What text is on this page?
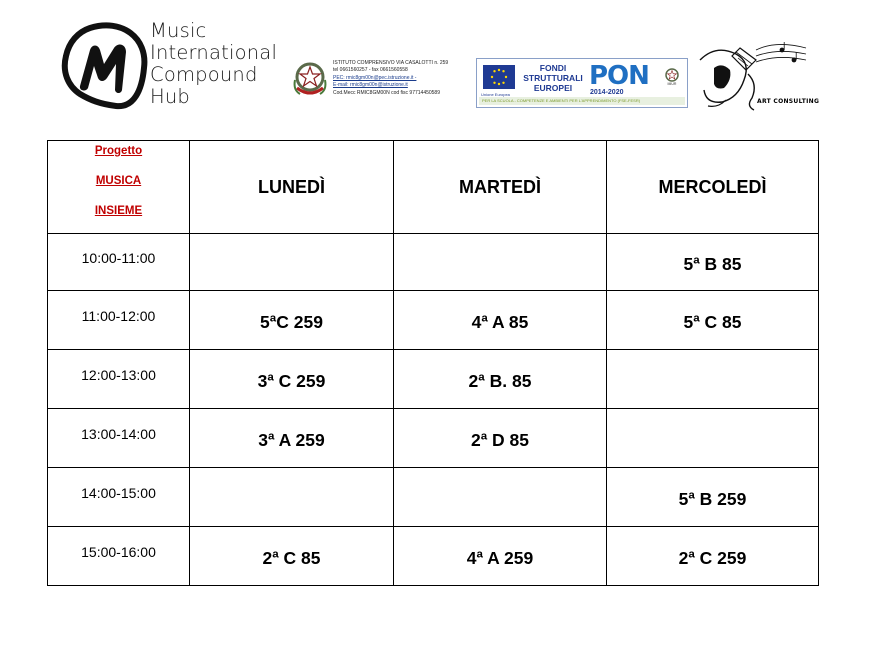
Music
International
Compound
Hub
ISTITUTO COMPRENSIVO VIA CASALOTTI n. 259
tel 0661560257 - fax 0661560558
PEC: rmic8gm00n@pec.istruzione.it -
E-mail: rmic8gm00n@istruzione.it
Cod.Mecc RMIC8GM00N cod fisc 97714450589	Unione Europea
FONDI
STRUTTURALI
EUROPEI PON
2014-2020
MIUR
PER LA SCUOLA - COMPETENZE E AMBIENTI PER L'APPRENDIMENTO (FSE-FESR)	ART CONSULTING
Progetto
MUSICA
INSIEME	LUNEDÌ	MARTEDÌ	MERCOLEDÌ
10:00-11:00			5ª B 85
11:00-12:00	5ªC 259	4ª A 85	5ª C 85
12:00-13:00	3ª C 259	2ª B. 85	
13:00-14:00	3ª A 259	2ª D 85	
14:00-15:00			5ª B 259
15:00-16:00	2ª C 85	4ª A 259	2ª C 259
